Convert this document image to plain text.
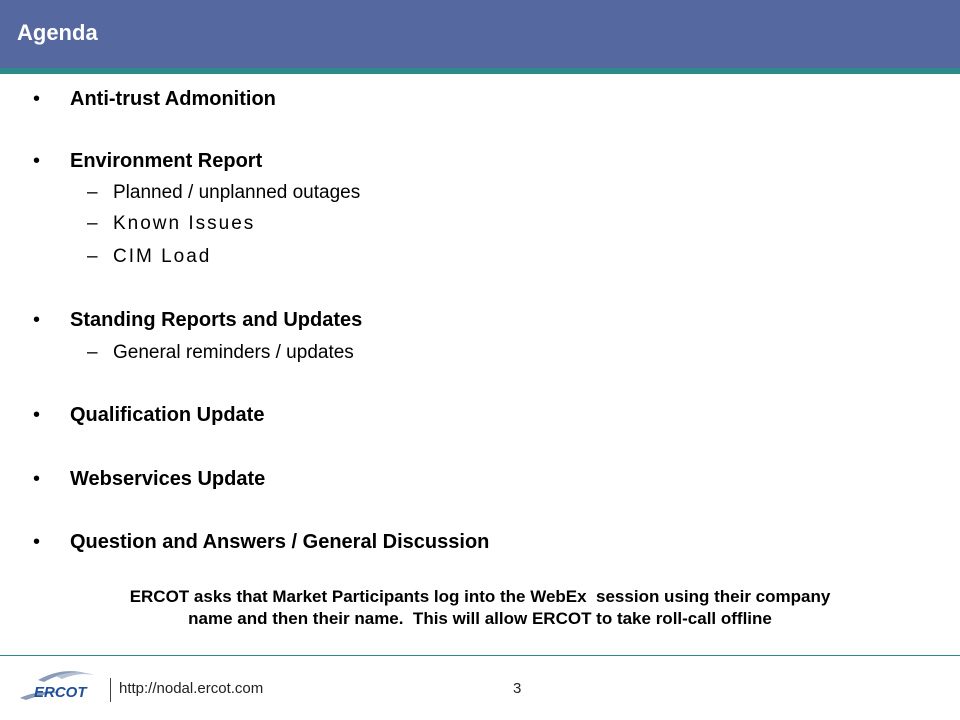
Agenda
• Anti-trust Admonition
• Environment Report
– Planned / unplanned outages
– Known Issues
– CIM Load
• Standing Reports and Updates
– General reminders / updates
• Qualification Update
• Webservices Update
• Question and Answers / General Discussion
ERCOT asks that Market Participants log into the WebEx  session using their company
name and then their name.  This will allow ERCOT to take roll-call offline
ERCOT http://nodal.ercot.com	3
